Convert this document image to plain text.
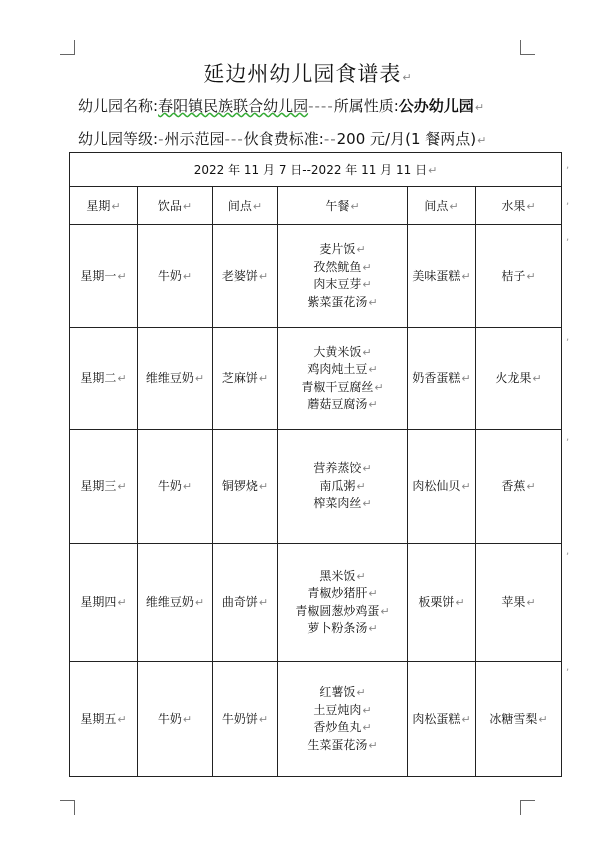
延边州幼儿园食谱表↵
幼儿园名称:春阳镇民族联合幼儿园----所属性质:公办幼儿园↵
幼儿园等级:-州示范园---伙食费标准:--200 元/月(1 餐两点)↵
2022 年 11 月 7 日--2022 年 11 月 11 日↵					
星期↵	饮品↵	间点↵	午餐↵	间点↵	水果↵
星期一↵	牛奶↵	老婆饼↵	麦片饭↵
孜然鱿鱼↵
肉末豆芽↵
紫菜蛋花汤↵	美味蛋糕↵	桔子↵
星期二↵	维维豆奶↵	芝麻饼↵	大黄米饭↵
鸡肉炖土豆↵
青椒干豆腐丝↵
蘑菇豆腐汤↵	奶香蛋糕↵	火龙果↵
星期三↵	牛奶↵	铜锣烧↵	营养蒸饺↵
南瓜粥↵
榨菜肉丝↵	肉松仙贝↵	香蕉↵
星期四↵	维维豆奶↵	曲奇饼↵	黑米饭↵
青椒炒猪肝↵
青椒圆葱炒鸡蛋↵
萝卜粉条汤↵	板栗饼↵	苹果↵
星期五↵	牛奶↵	牛奶饼↵	红薯饭↵
土豆炖肉↵
香炒鱼丸↵
生菜蛋花汤↵	肉松蛋糕↵	冰糖雪梨↵
,
,
,
,
,
,
,
